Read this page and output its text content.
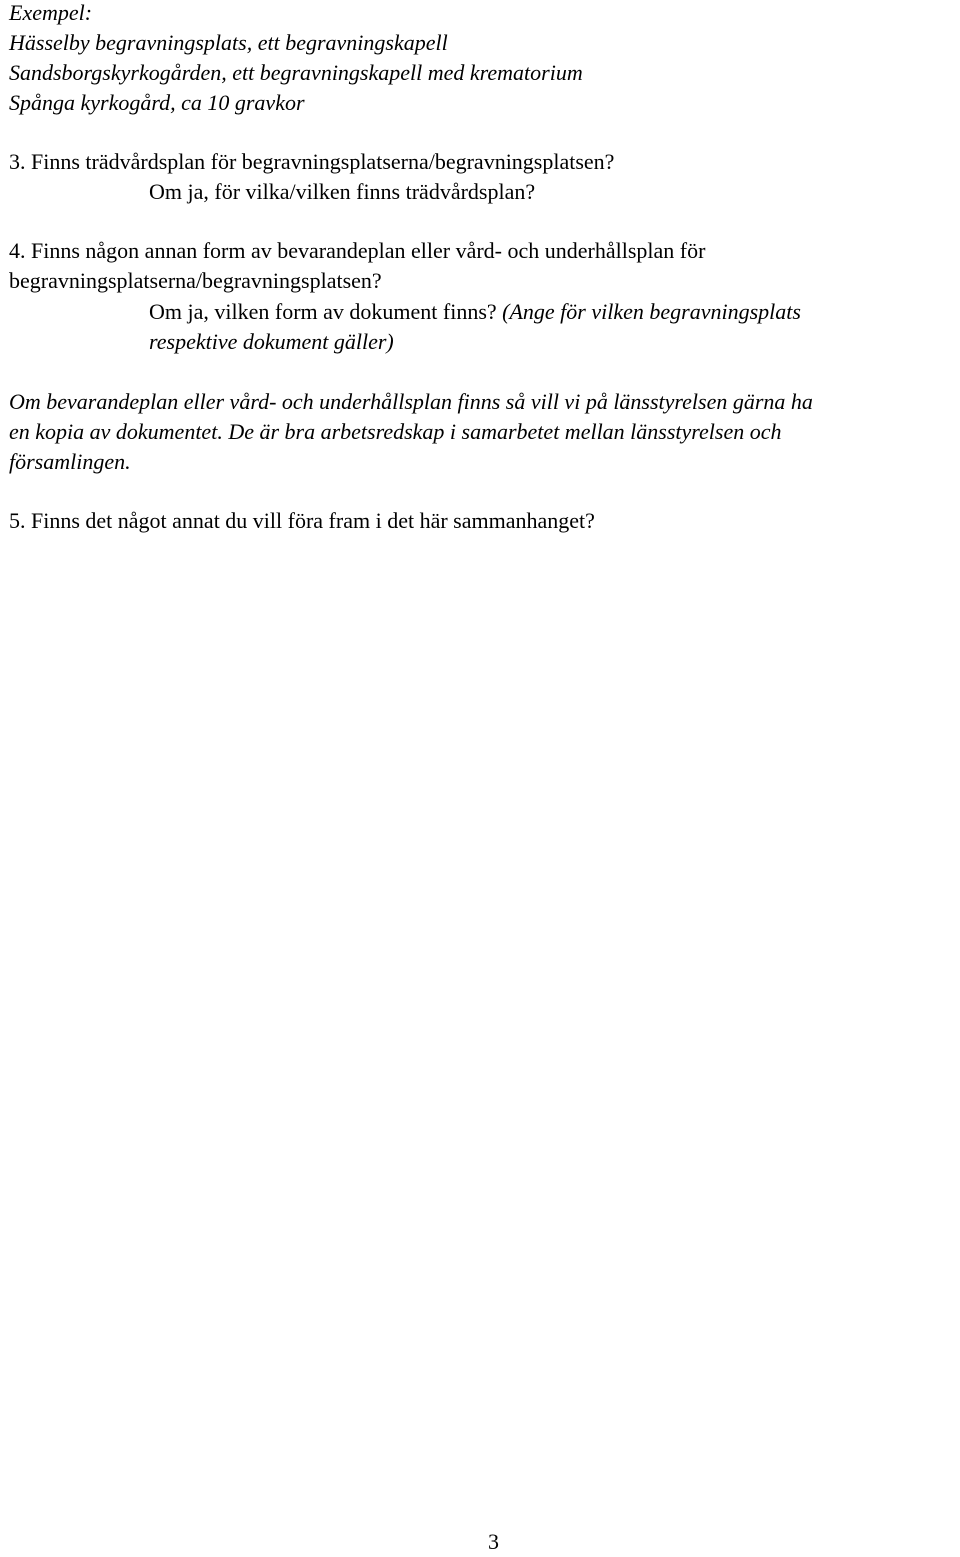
Exempel:
Hässelby begravningsplats, ett begravningskapell
Sandsborgskyrkogården, ett begravningskapell med krematorium
Spånga kyrkogård, ca 10 gravkor
3. Finns trädvårdsplan för begravningsplatserna/begravningsplatsen?
Om ja, för vilka/vilken finns trädvårdsplan?
4. Finns någon annan form av bevarandeplan eller vård- och underhållsplan för
begravningsplatserna/begravningsplatsen?
Om ja, vilken form av dokument finns? (Ange för vilken begravningsplats
respektive dokument gäller)
Om bevarandeplan eller vård- och underhållsplan finns så vill vi på länsstyrelsen gärna ha
en kopia av dokumentet. De är bra arbetsredskap i samarbetet mellan länsstyrelsen och
församlingen.
5. Finns det något annat du vill föra fram i det här sammanhanget?
3
